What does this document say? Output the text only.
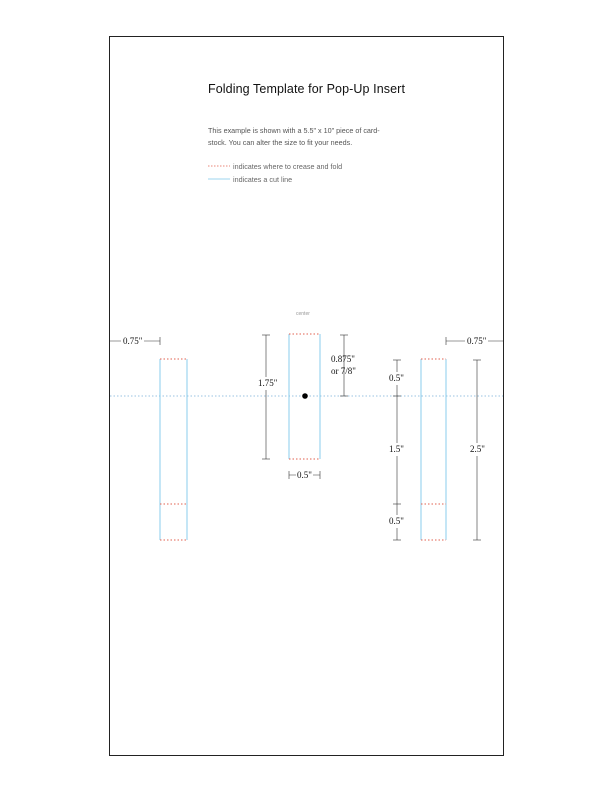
Folding Template for Pop-Up Insert
This example is shown with a 5.5" x 10" piece of card-
stock. You can alter the size to fit your needs.
indicates where to crease and fold
indicates a cut line
center
0.75"	0.75"
1.75"
0.875"
or 7/8"
0.5"
0.5"
1.5"
0.5"
2.5"
